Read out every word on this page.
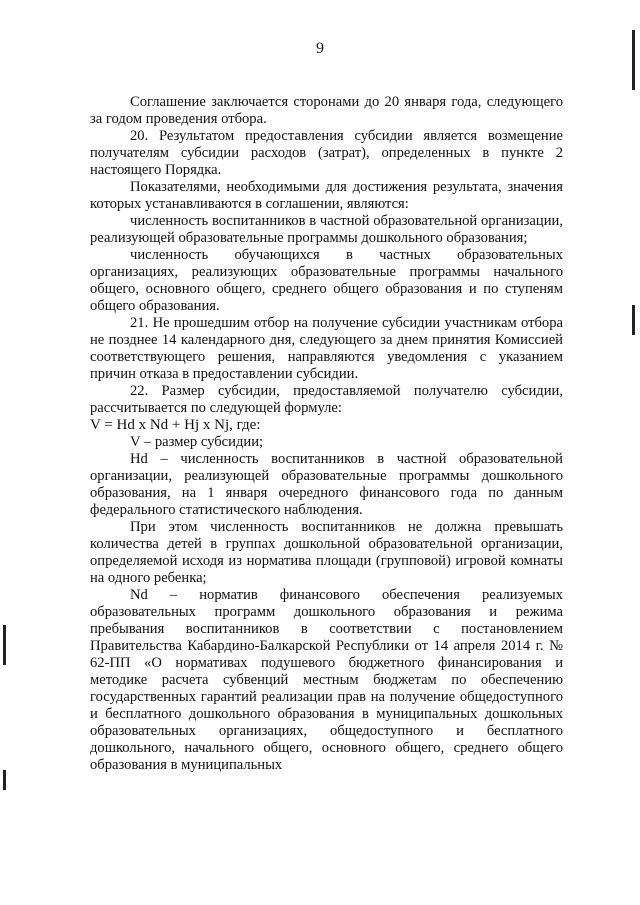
9

Соглашение заключается сторонами до 20 января года, следующего за годом проведения отбора.

20. Результатом предоставления субсидии является возмещение получателям субсидии расходов (затрат), определенных в пункте 2 настоящего Порядка.

Показателями, необходимыми для достижения результата, значения которых устанавливаются в соглашении, являются:

численность воспитанников в частной образовательной организации, реализующей образовательные программы дошкольного образования;

численность обучающихся в частных образовательных организациях, реализующих образовательные программы начального общего, основного общего, среднего общего образования и по ступеням общего образования.

21. Не прошедшим отбор на получение субсидии участникам отбора не позднее 14 календарного дня, следующего за днем принятия Комиссией соответствующего решения, направляются уведомления с указанием причин отказа в предоставлении субсидии.

22. Размер субсидии, предоставляемой получателю субсидии, рассчитывается по следующей формуле:

V = Hd x Nd + Hj x Nj, где:

V – размер субсидии;

Hd – численность воспитанников в частной образовательной организации, реализующей образовательные программы дошкольного образования, на 1 января очередного финансового года по данным федерального статистического наблюдения.

При этом численность воспитанников не должна превышать количества детей в группах дошкольной образовательной организации, определяемой исходя из норматива площади (групповой) игровой комнаты на одного ребенка;

Nd – норматив финансового обеспечения реализуемых образовательных программ дошкольного образования и режима пребывания воспитанников в соответствии с постановлением Правительства Кабардино-Балкарской Республики от 14 апреля 2014 г. № 62-ПП «О нормативах подушевого бюджетного финансирования и методике расчета субвенций местным бюджетам по обеспечению государственных гарантий реализации прав на получение общедоступного и бесплатного дошкольного образования в муниципальных дошкольных образовательных организациях, общедоступного и бесплатного дошкольного, начального общего, основного общего, среднего общего образования в муниципальных
